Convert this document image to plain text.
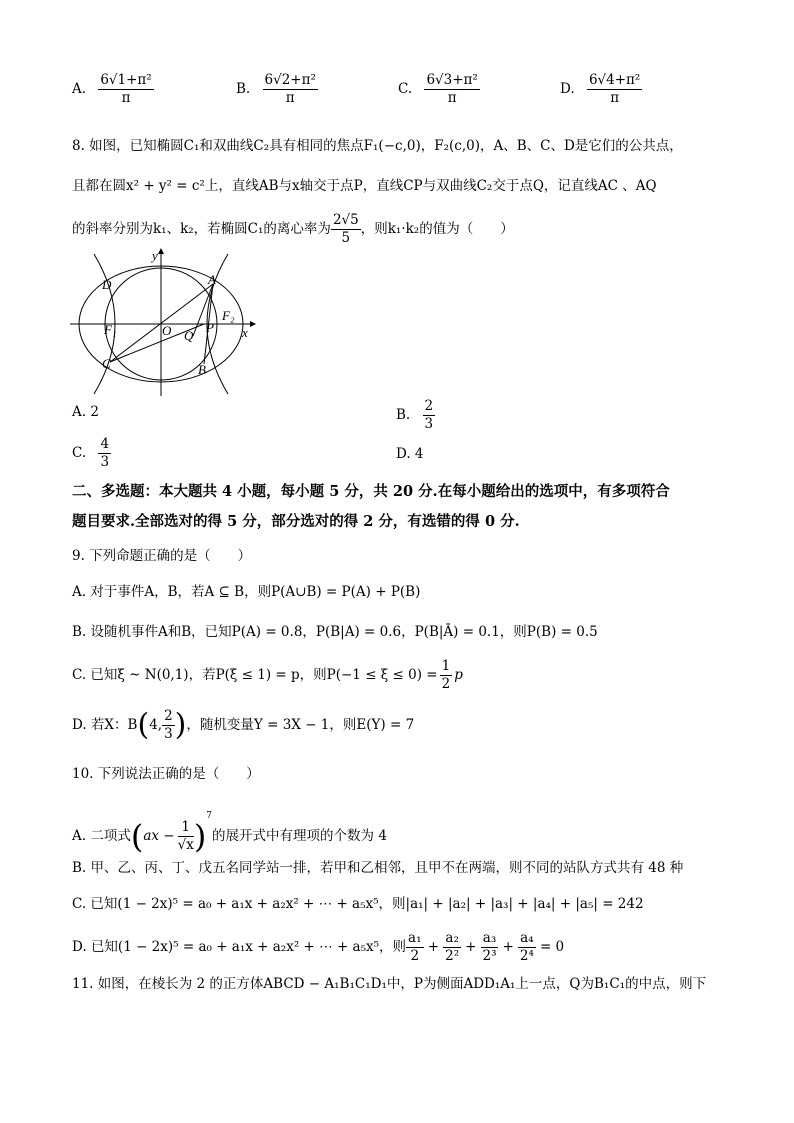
A. $\frac{\text{6√1+π²}}{\pi}$	B. $\frac{\text{6√2+π²}}{\pi}$	C. $\frac{\text{6√3+π²}}{\pi}$	D. $\frac{\text{6√4+π²}}{\pi}$
8. 如图，已知椭圆C₁和双曲线C₂具有相同的焦点F₁(−c,0)，F₂(c,0)，A、B、C、D是它们的公共点，
且都在圆x² + y² = c²上，直线AB与x轴交于点P，直线CP与双曲线C₂交于点Q，记直线AC 、AQ
的斜率分别为k₁、k₂，若椭圆C₁的离心率为 $\frac{2√5}{5}$ ，则k₁·k₂的值为（　　）
y
x
D	A
F₁	O Q
P
F₂
C	B
A. 2	B. $\frac{2}{3}$
C. $\frac{4}{3}$	D. 4
二、多选题：本大题共 4 小题，每小题 5 分，共 20 分.在每小题给出的选项中，有多项符合
题目要求.全部选对的得 5 分，部分选对的得 2 分，有选错的得 0 分.
9. 下列命题正确的是（　　）
A. 对于事件A，B，若A ⊆ B，则P(A∪B) = P(A) + P(B)
B. 设随机事件A和B，已知P(A) = 0.8，P(B|A) = 0.6，P(B|Ā) = 0.1，则P(B) = 0.5
C. 已知ξ ~ N(0,1)，若P(ξ ≤ 1) = p，则$P(-1 \le \xi \le 0) = \frac{1}{2}$ p
D. 若X：B(4, $\frac{2}{3}$ )，随机变量Y = 3X − 1，则E(Y) = 7
10. 下列说法正确的是（　　）
A. 二项式$(ax - \frac{1}{√x} )^7$的展开式中有理项的个数为 4
B. 甲、乙、丙、丁、戊五名同学站一排，若甲和乙相邻，且甲不在两端，则不同的站队方式共有 48 种
C. 已知(1 − 2x)⁵ = a₀ + a₁x + a₂x² + ⋯ + a₅x⁵，则|a₁| + |a₂| + |a₃| + |a₄| + |a₅| = 242
D. 已知(1 − 2x)⁵ = a₀ + a₁x + a₂x² + ⋯ + a₅x⁵，则 $\frac{\text{a₁}}{2} + \frac{\text{a₂}}{\text{2²}} + \frac{\text{a₃}}{\text{2³}} + \frac{\text{a₄}}{\text{2⁴}} = 0$
11. 如图，在棱长为 2 的正方体ABCD − A₁B₁C₁D₁中，P为侧面ADD₁A₁上一点，Q为B₁C₁的中点，则下
